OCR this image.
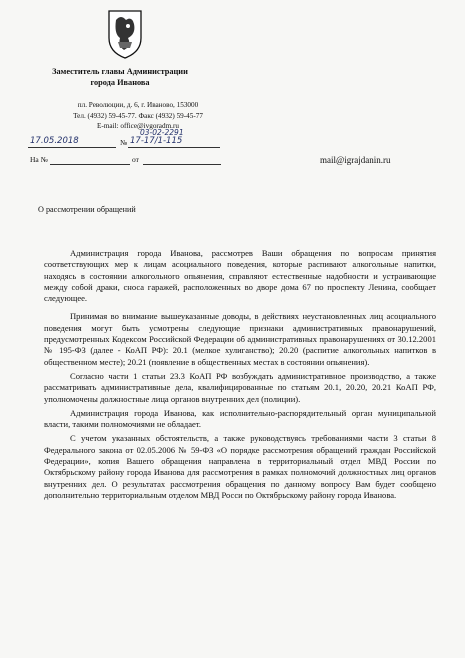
Заместитель главы Администрации
города Иванова
пл. Революции, д. 6, г. Иваново, 153000
Тел. (4932) 59-45-77. Факс (4932) 59-45-77
E-mail: office@ivgoradm.ru
03-02-2291
17.05.2018	№ 17-17/1-115
На №	от	mail@igrajdanin.ru
О рассмотрении обращений

Администрация города Иванова, рассмотрев Ваши обращения по вопросам принятия соответствующих мер к лицам асоциального поведения, которые распивают алкогольные напитки, находясь в состоянии алкогольного опьянения, справляют естественные надобности и устраивающие между собой драки, сноса гаражей, расположенных во дворе дома 67 по проспекту Ленина, сообщает следующее.

Принимая во внимание вышеуказанные доводы, в действиях неустановленных лиц асоциального поведения могут быть усмотрены следующие признаки административных правонарушений, предусмотренных Кодексом Российской Федерации об административных правонарушениях от 30.12.2001 № 195-ФЗ (далее - КоАП РФ): 20.1 (мелкое хулиганство); 20.20 (распитие алкогольных напитков в общественном месте); 20.21 (появление в общественных местах в состоянии опьянения).

Согласно части 1 статьи 23.3 КоАП РФ возбуждать административное производство, а также рассматривать административные дела, квалифицированные по статьям 20.1, 20.20, 20.21 КоАП РФ, уполномочены должностные лица органов внутренних дел (полиции).

Администрация города Иванова, как исполнительно-распорядительный орган муниципальной власти, такими полномочиями не обладает.

С учетом указанных обстоятельств, а также руководствуясь требованиями части 3 статьи 8 Федерального закона от 02.05.2006 № 59-ФЗ «О порядке рассмотрения обращений граждан Российской Федерации», копия Вашего обращения направлена в территориальный отдел МВД России по Октябрьскому району города Иванова для рассмотрения в рамках полномочий должностных лиц органов внутренних дел. О результатах рассмотрения обращения по данному вопросу Вам будет сообщено дополнительно территориальным отделом МВД Росси по Октябрьскому району города Иванова.
